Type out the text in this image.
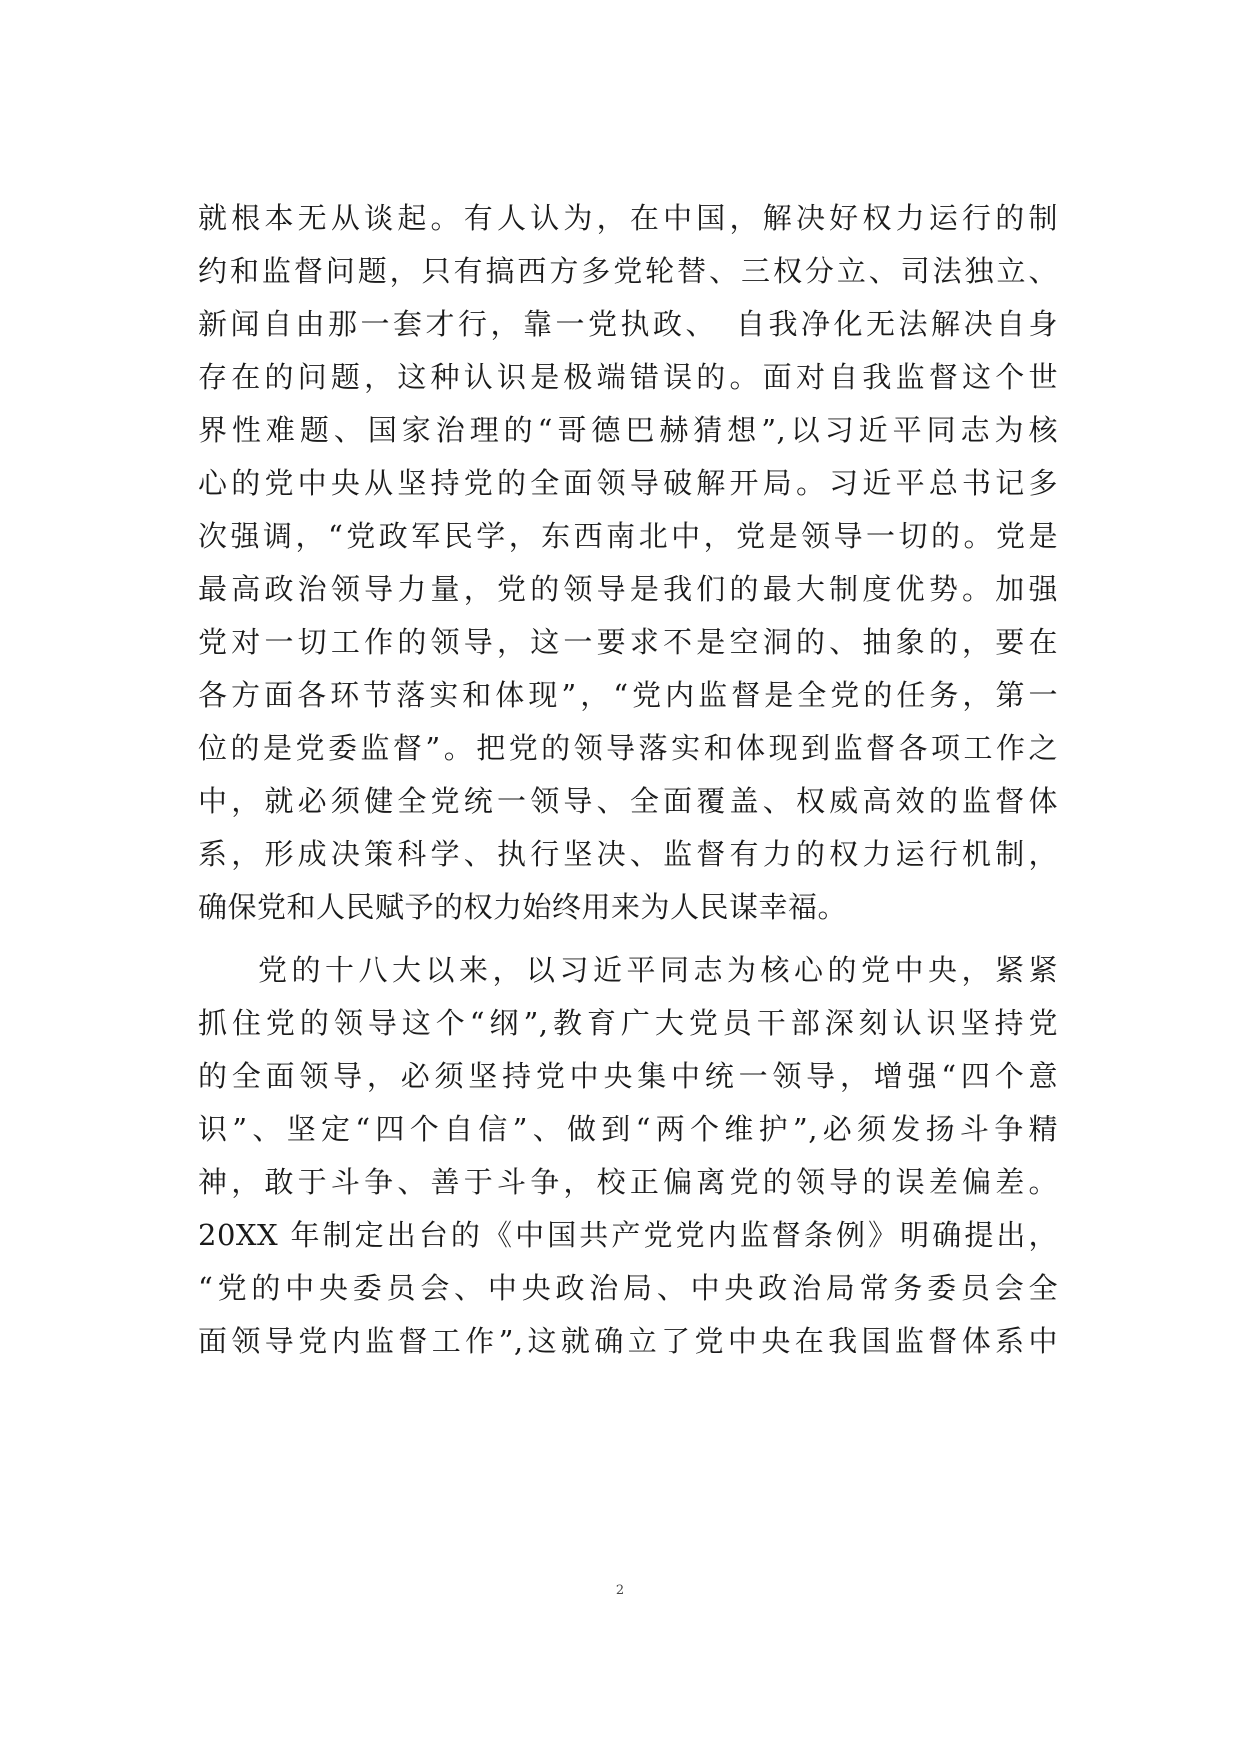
就根本无从谈起。有人认为，在中国，解决好权力运行的制
约和监督问题，只有搞西方多党轮替、三权分立、司法独立、
新闻自由那一套才行，靠一党执政、　自我净化无法解决自身
存在的问题，这种认识是极端错误的。面对自我监督这个世
界性难题、国家治理的“哥德巴赫猜想”,以习近平同志为核
心的党中央从坚持党的全面领导破解开局。习近平总书记多
次强调，“党政军民学，东西南北中，党是领导一切的。党是
最高政治领导力量，党的领导是我们的最大制度优势。加强
党对一切工作的领导，这一要求不是空洞的、抽象的，要在
各方面各环节落实和体现”，“党内监督是全党的任务，第一
位的是党委监督”。把党的领导落实和体现到监督各项工作之
中，就必须健全党统一领导、全面覆盖、权威高效的监督体
系，形成决策科学、执行坚决、监督有力的权力运行机制，
确保党和人民赋予的权力始终用来为人民谋幸福。
党的十八大以来，以习近平同志为核心的党中央，紧紧
抓住党的领导这个“纲”,教育广大党员干部深刻认识坚持党
的全面领导，必须坚持党中央集中统一领导，增强“四个意
识”、坚定“四个自信”、做到“两个维护”,必须发扬斗争精
神，敢于斗争、善于斗争，校正偏离党的领导的误差偏差。
20XX 年制定出台的《中国共产党党内监督条例》明确提出，
“党的中央委员会、中央政治局、中央政治局常务委员会全
面领导党内监督工作”,这就确立了党中央在我国监督体系中
2
